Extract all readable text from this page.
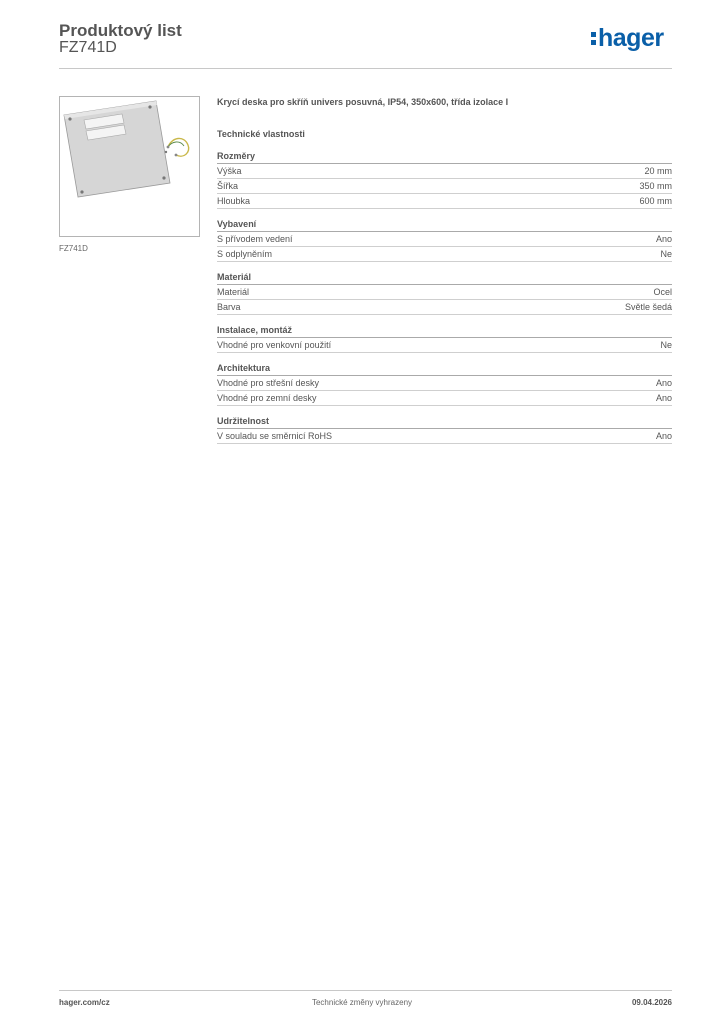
Produktový list
FZ741D	hager
FZ741D
Krycí deska pro skříň univers posuvná, IP54, 350x600, třída izolace I
Technické vlastnosti
Rozměry
Výška	20 mm
Šířka	350 mm
Hloubka	600 mm
Vybavení
S přívodem vedení	Ano
S odplyněním	Ne
Materiál
Materiál	Ocel
Barva	Světle šedá
Instalace, montáž
Vhodné pro venkovní použití	Ne
Architektura
Vhodné pro střešní desky	Ano
Vhodné pro zemní desky	Ano
Udržitelnost
V souladu se směrnicí RoHS	Ano
hager.com/cz	Technické změny vyhrazeny	09.04.2026
